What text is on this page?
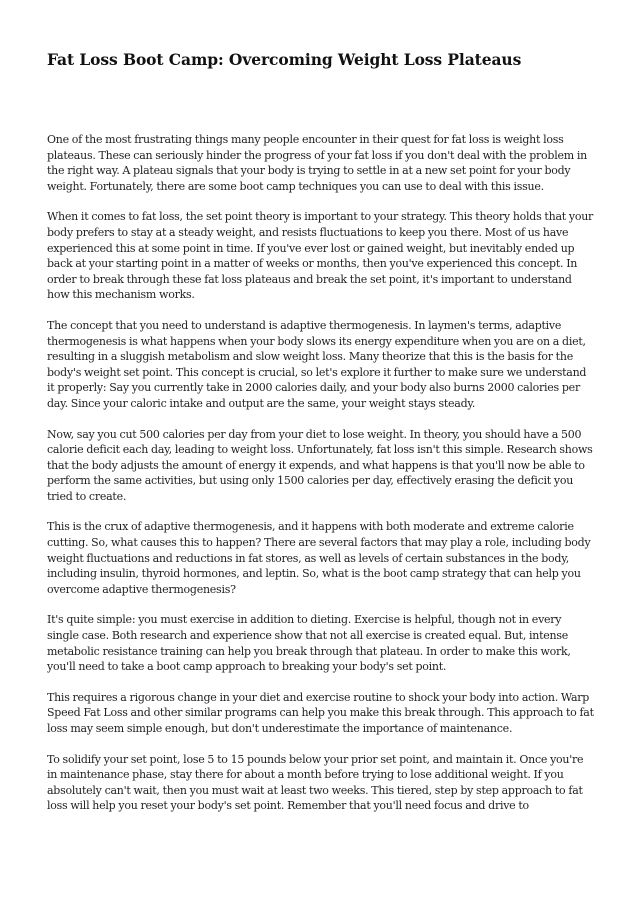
Fat Loss Boot Camp: Overcoming Weight Loss Plateaus

One of the most frustrating things many people encounter in their quest for fat loss is weight loss plateaus. These can seriously hinder the progress of your fat loss if you don't deal with the problem in the right way. A plateau signals that your body is trying to settle in at a new set point for your body weight. Fortunately, there are some boot camp techniques you can use to deal with this issue.

When it comes to fat loss, the set point theory is important to your strategy. This theory holds that your body prefers to stay at a steady weight, and resists fluctuations to keep you there. Most of us have experienced this at some point in time. If you've ever lost or gained weight, but inevitably ended up back at your starting point in a matter of weeks or months, then you've experienced this concept. In order to break through these fat loss plateaus and break the set point, it's important to understand how this mechanism works.

The concept that you need to understand is adaptive thermogenesis. In laymen's terms, adaptive thermogenesis is what happens when your body slows its energy expenditure when you are on a diet, resulting in a sluggish metabolism and slow weight loss. Many theorize that this is the basis for the body's weight set point. This concept is crucial, so let's explore it further to make sure we understand it properly: Say you currently take in 2000 calories daily, and your body also burns 2000 calories per day. Since your caloric intake and output are the same, your weight stays steady.

Now, say you cut 500 calories per day from your diet to lose weight. In theory, you should have a 500 calorie deficit each day, leading to weight loss. Unfortunately, fat loss isn't this simple. Research shows that the body adjusts the amount of energy it expends, and what happens is that you'll now be able to perform the same activities, but using only 1500 calories per day, effectively erasing the deficit you tried to create.

This is the crux of adaptive thermogenesis, and it happens with both moderate and extreme calorie cutting. So, what causes this to happen? There are several factors that may play a role, including body weight fluctuations and reductions in fat stores, as well as levels of certain substances in the body, including insulin, thyroid hormones, and leptin. So, what is the boot camp strategy that can help you overcome adaptive thermogenesis?

It's quite simple: you must exercise in addition to dieting. Exercise is helpful, though not in every single case. Both research and experience show that not all exercise is created equal. But, intense metabolic resistance training can help you break through that plateau. In order to make this work, you'll need to take a boot camp approach to breaking your body's set point.

This requires a rigorous change in your diet and exercise routine to shock your body into action. Warp Speed Fat Loss and other similar programs can help you make this break through. This approach to fat loss may seem simple enough, but don't underestimate the importance of maintenance.

To solidify your set point, lose 5 to 15 pounds below your prior set point, and maintain it. Once you're in maintenance phase, stay there for about a month before trying to lose additional weight. If you absolutely can't wait, then you must wait at least two weeks. This tiered, step by step approach to fat loss will help you reset your body's set point. Remember that you'll need focus and drive to
